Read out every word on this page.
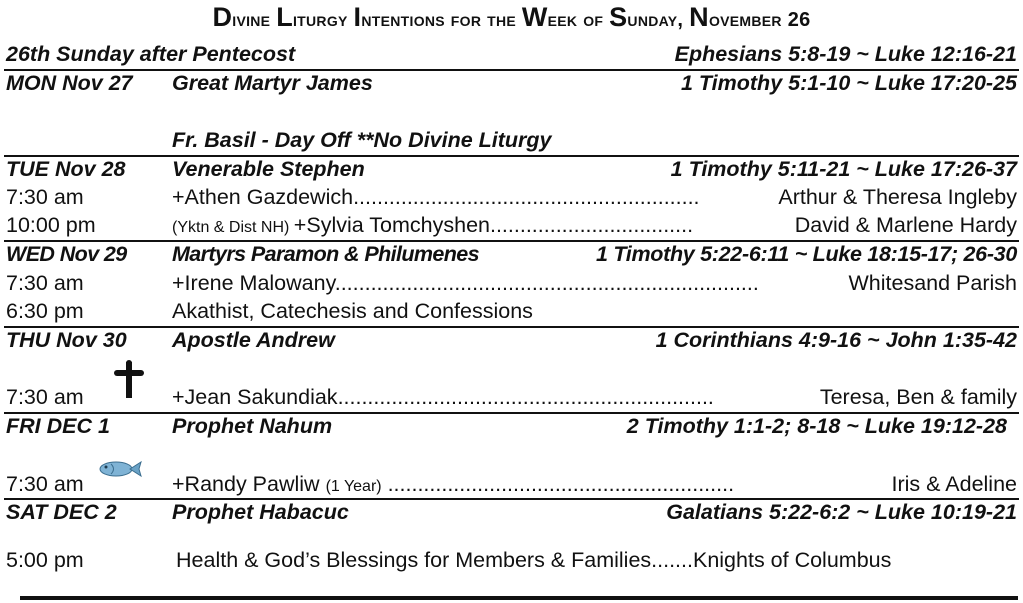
Divine Liturgy Intentions for the Week of Sunday, November 26
26th Sunday after Pentecost	Ephesians 5:8-19 ~ Luke 12:16-21
MON Nov 27 Great Martyr James	1 Timothy 5:1-10 ~ Luke 17:20-25
Fr. Basil - Day Off **No Divine Liturgy
TUE Nov 28 Venerable Stephen	1 Timothy 5:11-21 ~ Luke 17:26-37
7:30 am	+Athen Gazdewich..........................................................	Arthur & Theresa Ingleby
10:00 pm	(Yktn & Dist NH) +Sylvia Tomchyshen..................................	David & Marlene Hardy
WED Nov 29 Martyrs Paramon & Philumenes	1 Timothy 5:22-6:11 ~ Luke 18:15-17; 26-30
7:30 am	+Irene Malowany.......................................................................	Whitesand Parish
6:30 pm	Akathist, Catechesis and Confessions
THU Nov 30 Apostle Andrew	1 Corinthians 4:9-16 ~ John 1:35-42
7:30 am	+Jean Sakundiak...............................................................	Teresa, Ben & family
FRI DEC 1	Prophet Nahum	2 Timothy 1:1-2; 8-18 ~ Luke 19:12-28
7:30 am	+Randy Pawliw (1 Year) ..........................................................	Iris & Adeline
SAT DEC 2	Prophet Habacuc	Galatians 5:22-6:2 ~ Luke 10:19-21
5:00 pm	Health & God’s Blessings for Members & Families.......Knights of Columbus
